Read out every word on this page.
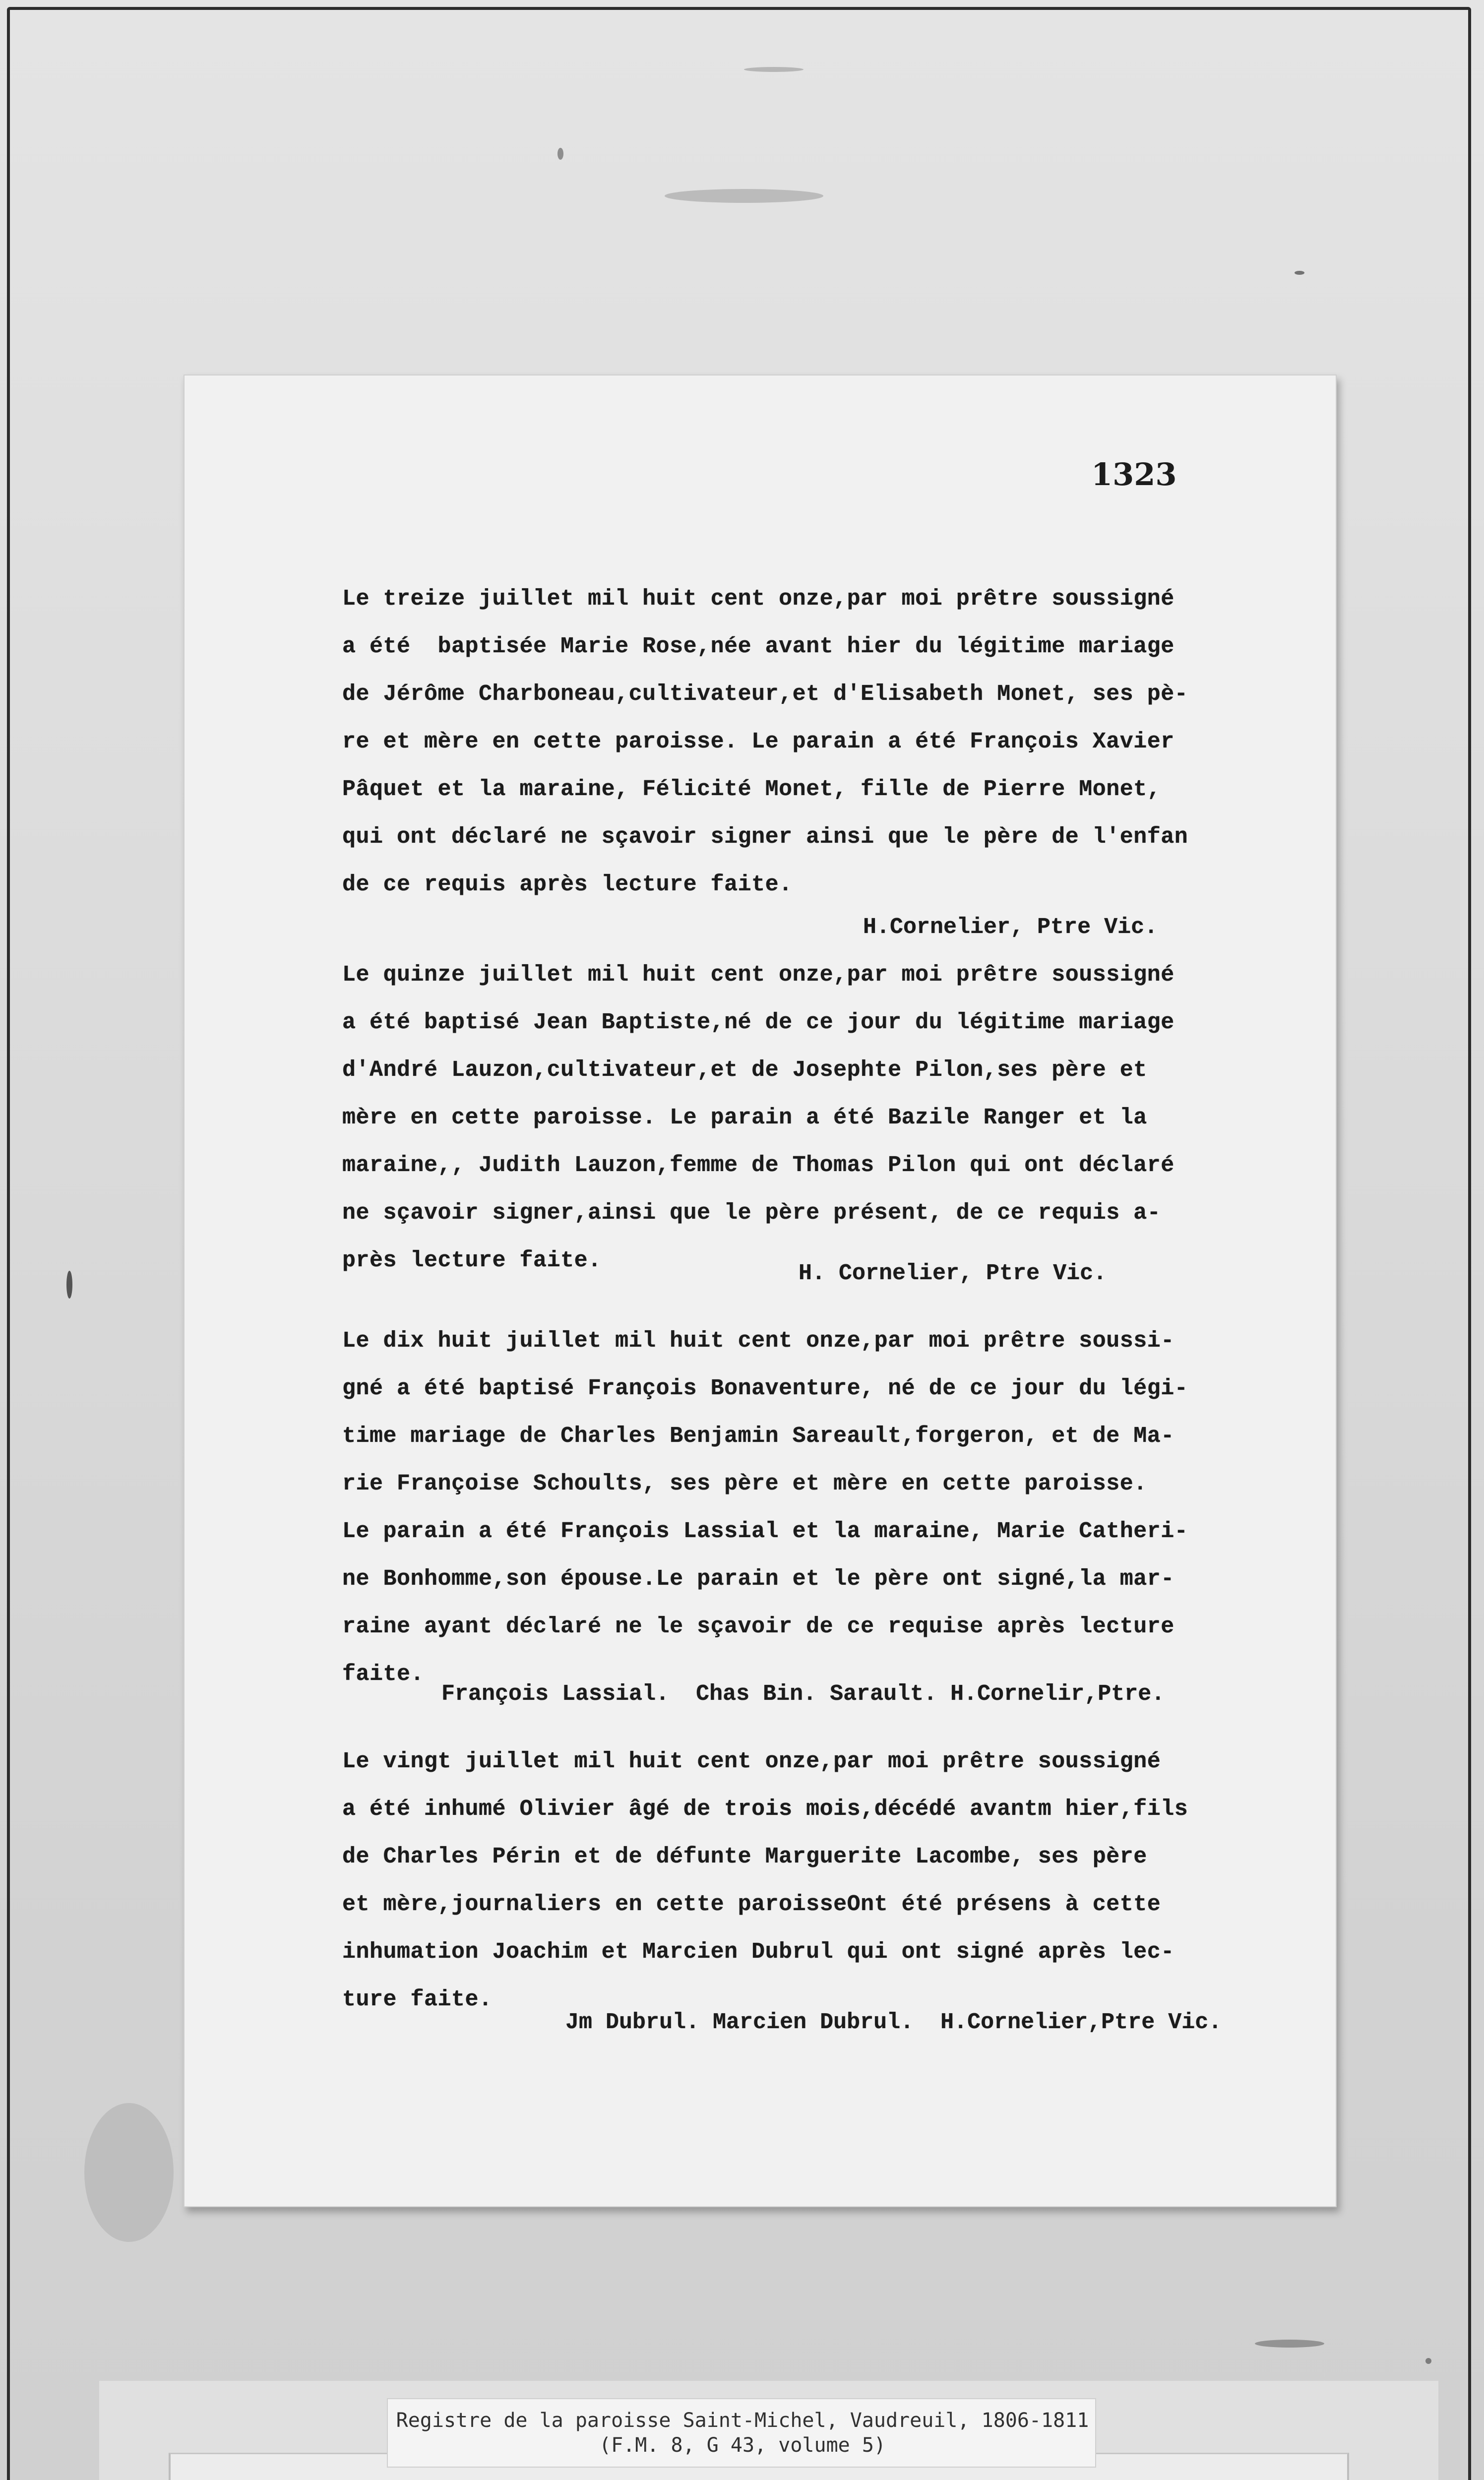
1323
Le treize juillet mil huit cent onze,par moi prêtre soussigné
a été  baptisée Marie Rose,née avant hier du légitime mariage
de Jérôme Charboneau,cultivateur,et d'Elisabeth Monet, ses pè-
re et mère en cette paroisse. Le parain a été François Xavier
Pâquet et la maraine, Félicité Monet, fille de Pierre Monet,
qui ont déclaré ne sçavoir signer ainsi que le père de l'enfan
de ce requis après lecture faite.
H.Cornelier, Ptre Vic.
Le quinze juillet mil huit cent onze,par moi prêtre soussigné
a été baptisé Jean Baptiste,né de ce jour du légitime mariage
d'André Lauzon,cultivateur,et de Josephte Pilon,ses père et
mère en cette paroisse. Le parain a été Bazile Ranger et la
maraine,, Judith Lauzon,femme de Thomas Pilon qui ont déclaré
ne sçavoir signer,ainsi que le père présent, de ce requis a-
près lecture faite.
H. Cornelier, Ptre Vic.
Le dix huit juillet mil huit cent onze,par moi prêtre soussi-
gné a été baptisé François Bonaventure, né de ce jour du légi-
time mariage de Charles Benjamin Sareault,forgeron, et de Ma-
rie Françoise Schoults, ses père et mère en cette paroisse.
Le parain a été François Lassial et la maraine, Marie Catheri-
ne Bonhomme,son épouse.Le parain et le père ont signé,la mar-
raine ayant déclaré ne le sçavoir de ce requise après lecture
faite.
François Lassial.  Chas Bin. Sarault. H.Cornelir,Ptre.
Le vingt juillet mil huit cent onze,par moi prêtre soussigné
a été inhumé Olivier âgé de trois mois,décédé avantm hier,fils
de Charles Périn et de défunte Marguerite Lacombe, ses père
et mère,journaliers en cette paroisseOnt été présens à cette
inhumation Joachim et Marcien Dubrul qui ont signé après lec-
ture faite.
Jm Dubrul. Marcien Dubrul.  H.Cornelier,Ptre Vic.
Registre de la paroisse Saint-Michel, Vaudreuil, 1806-1811
(F.M. 8, G 43, volume 5)
